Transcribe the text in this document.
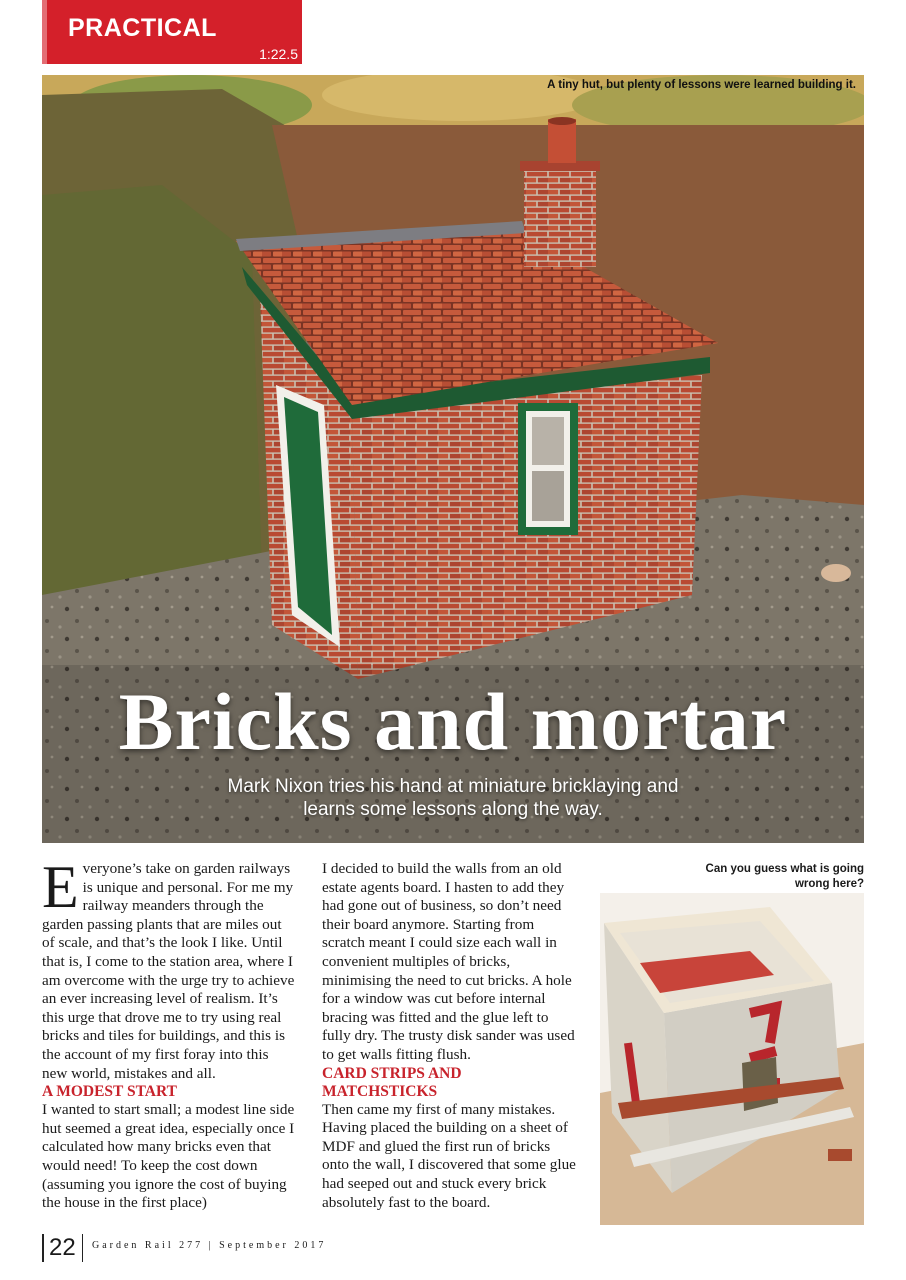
PRACTICAL
1:22.5
A tiny hut, but plenty of lessons were learned building it.
Bricks and mortar
Mark Nixon tries his hand at miniature bricklaying and
learns some lessons along the way.

Everyone’s take on garden railways is unique and personal. For me my railway meanders through the garden passing plants that are miles out of scale, and that’s the look I like. Until that is, I come to the station area, where I am overcome with the urge try to achieve an ever increasing level of realism. It’s this urge that drove me to try using real bricks and tiles for buildings, and this is the account of my first foray into this new world, mistakes and all.

A MODEST START

I wanted to start small; a modest line side hut seemed a great idea, especially once I calculated how many bricks even that would need! To keep the cost down (assuming you ignore the cost of buying the house in the first place)

I decided to build the walls from an old estate agents board. I hasten to add they had gone out of business, so don’t need their board anymore. Starting from scratch meant I could size each wall in convenient multiples of bricks, minimising the need to cut bricks. A hole for a window was cut before internal bracing was fitted and the glue left to fully dry. The trusty disk sander was used to get walls fitting flush.

CARD STRIPS AND MATCHSTICKS

Then came my first of many mistakes. Having placed the building on a sheet of MDF and glued the first run of bricks onto the wall, I discovered that some glue had seeped out and stuck every brick absolutely fast to the board.

Can you guess what is going
wrong here?
22 Garden Rail 277 | September 2017
